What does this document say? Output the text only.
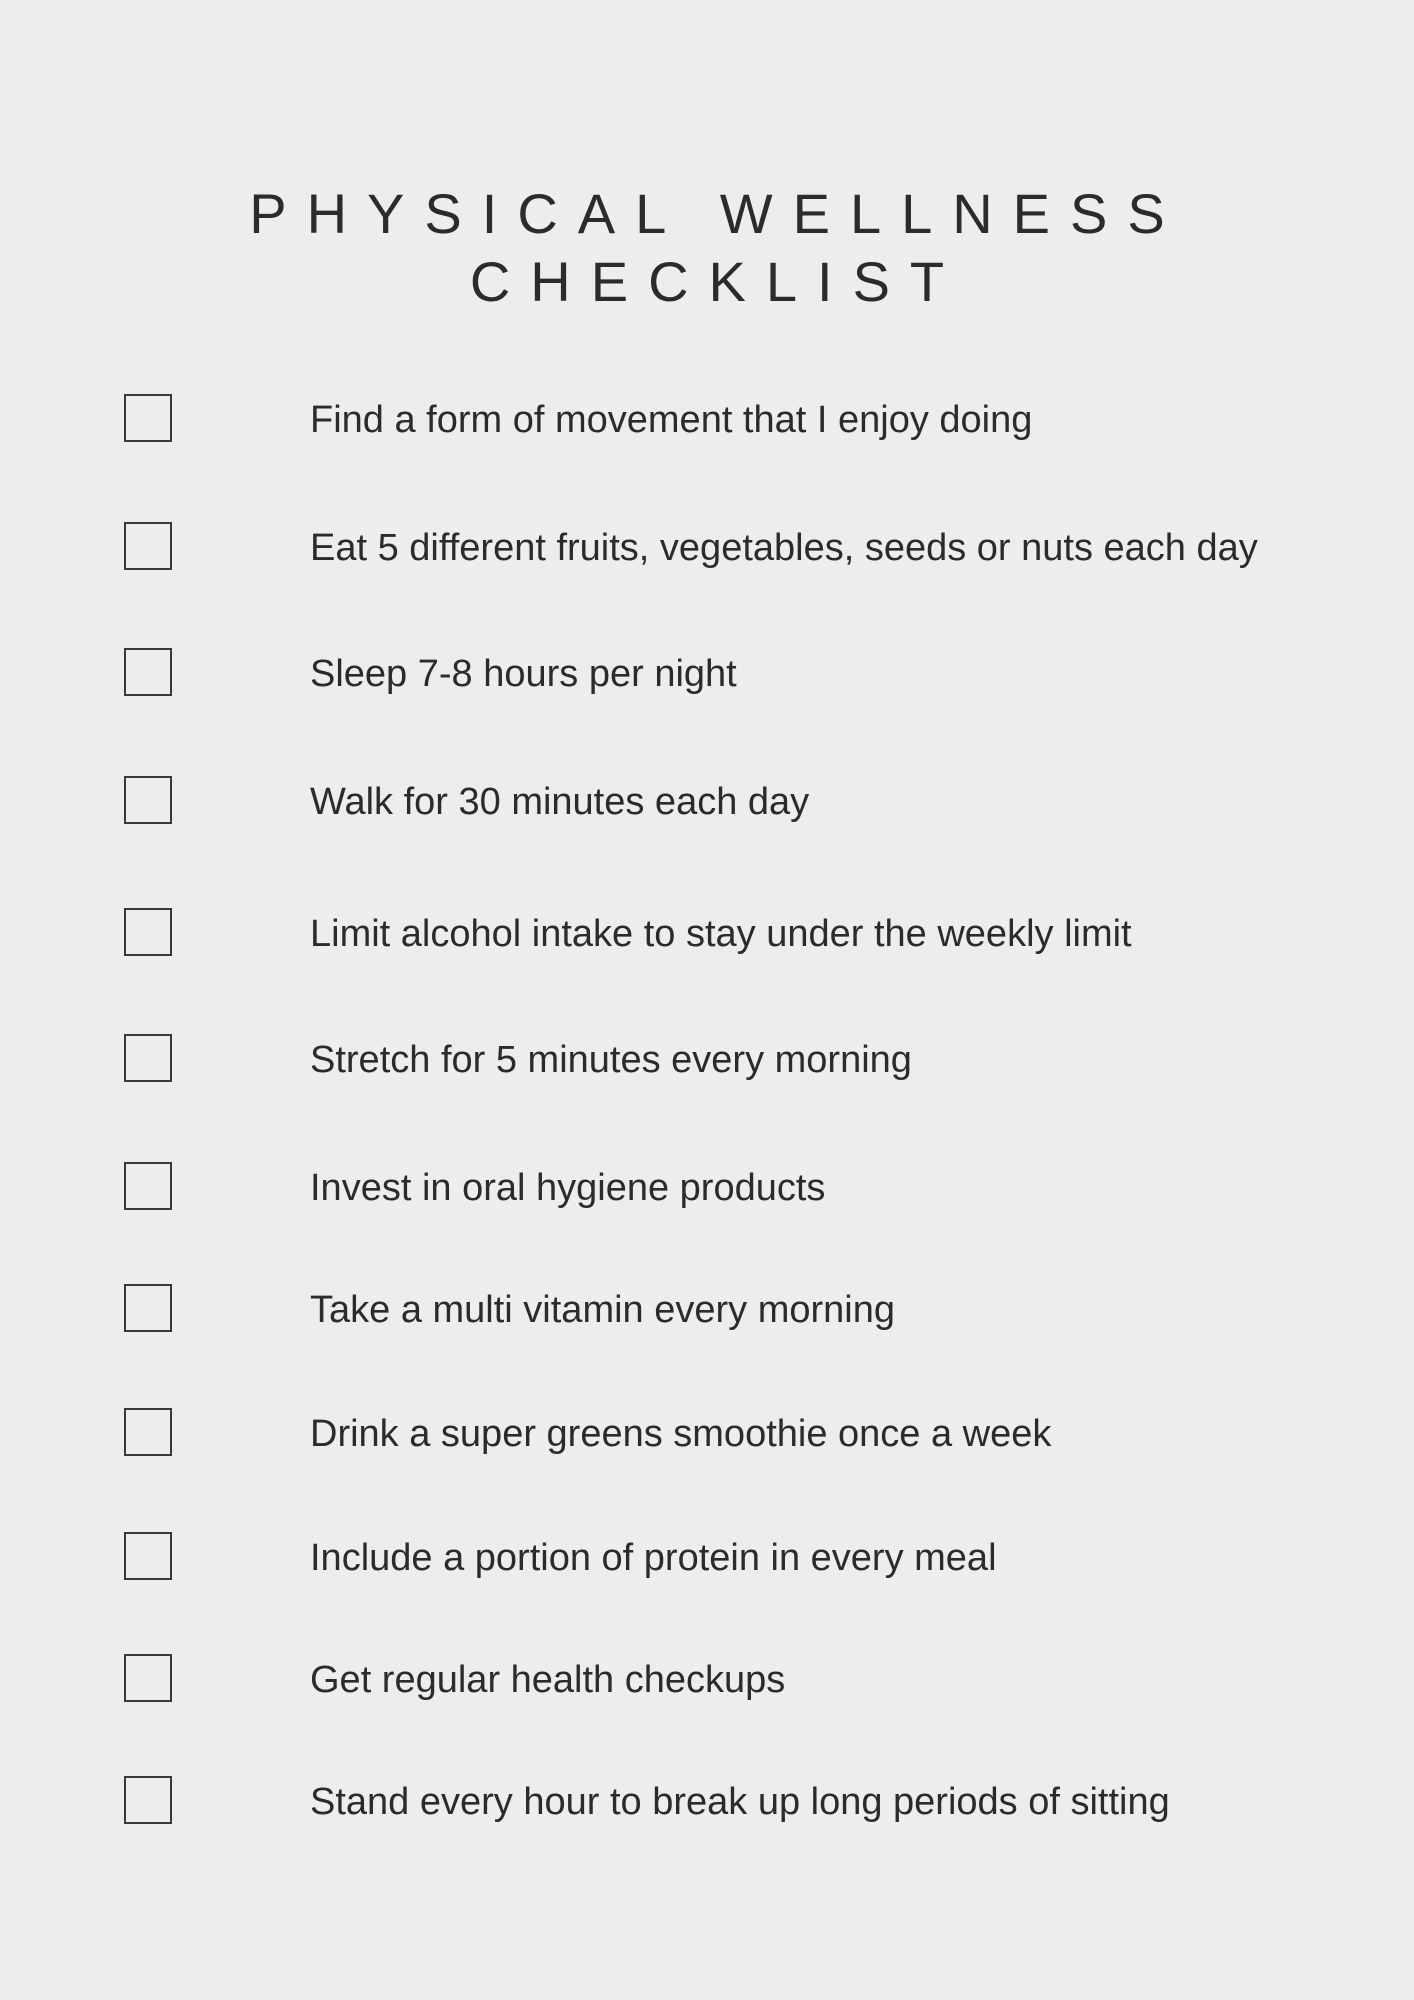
PHYSICAL WELLNESS
CHECKLIST
Find a form of movement that I enjoy doing
Eat 5 different fruits, vegetables, seeds or nuts each day
Sleep 7-8 hours per night
Walk for 30 minutes each day
Limit alcohol intake to stay under the weekly limit
Stretch for 5 minutes every morning
Invest in oral hygiene products
Take a multi vitamin every morning
Drink a super greens smoothie once a week
Include a portion of protein in every meal
Get regular health checkups
Stand every hour to break up long periods of sitting
